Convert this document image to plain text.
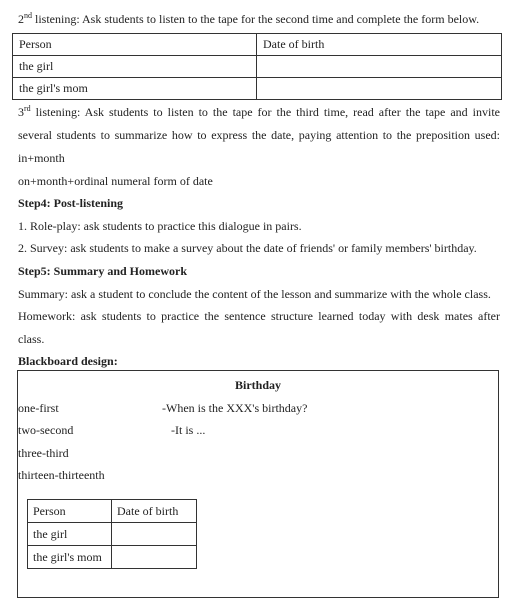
2nd listening: Ask students to listen to the tape for the second time and complete the form below.
Person	Date of birth
the girl	
the girl's mom	
3rd listening: Ask students to listen to the tape for the third time, read after the tape and invite
several students to summarize how to express the date, paying attention to the preposition used:
in+month
on+month+ordinal numeral form of date
Step4: Post-listening
1. Role-play: ask students to practice this dialogue in pairs.
2. Survey: ask students to make a survey about the date of friends' or family members' birthday.
Step5: Summary and Homework
Summary: ask a student to conclude the content of the lesson and summarize with the whole class.
Homework: ask students to practice the sentence structure learned today with desk mates after
class.
Blackboard design:
Birthday
one-first
two-second
three-third
thirteen-thirteenth
-When is the XXX's birthday?
-It is ...
Person	Date of birth
the girl	
the girl's mom	
